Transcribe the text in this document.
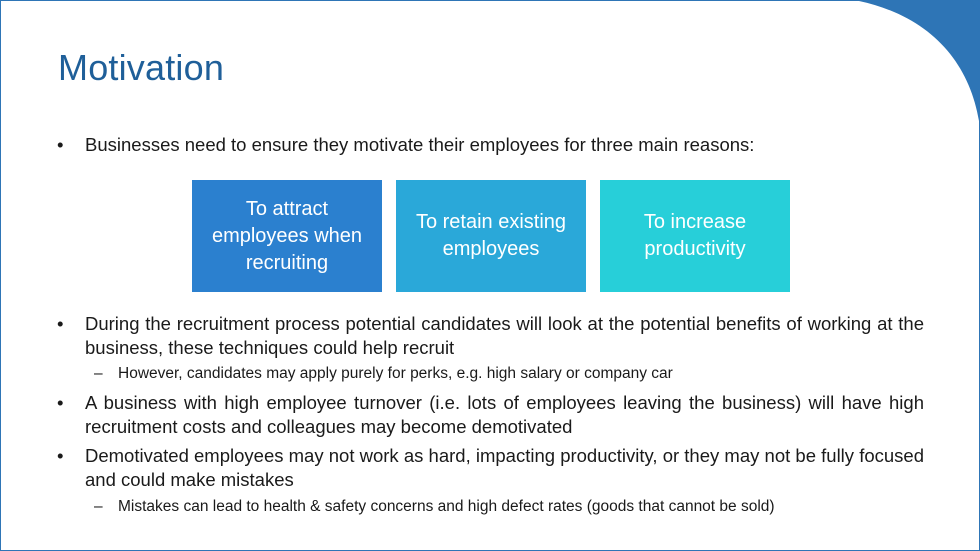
Motivation
• Businesses need to ensure they motivate their employees for three main reasons:
To attract employees when recruiting
To retain existing employees
To increase productivity
• During the recruitment process potential candidates will look at the potential benefits of working at the business, these techniques could help recruit
– However, candidates may apply purely for perks, e.g. high salary or company car
• A business with high employee turnover (i.e. lots of employees leaving the business) will have high recruitment costs and colleagues may become demotivated
• Demotivated employees may not work as hard, impacting productivity, or they may not be fully focused and could make mistakes
– Mistakes can lead to health & safety concerns and high defect rates (goods that cannot be sold)
